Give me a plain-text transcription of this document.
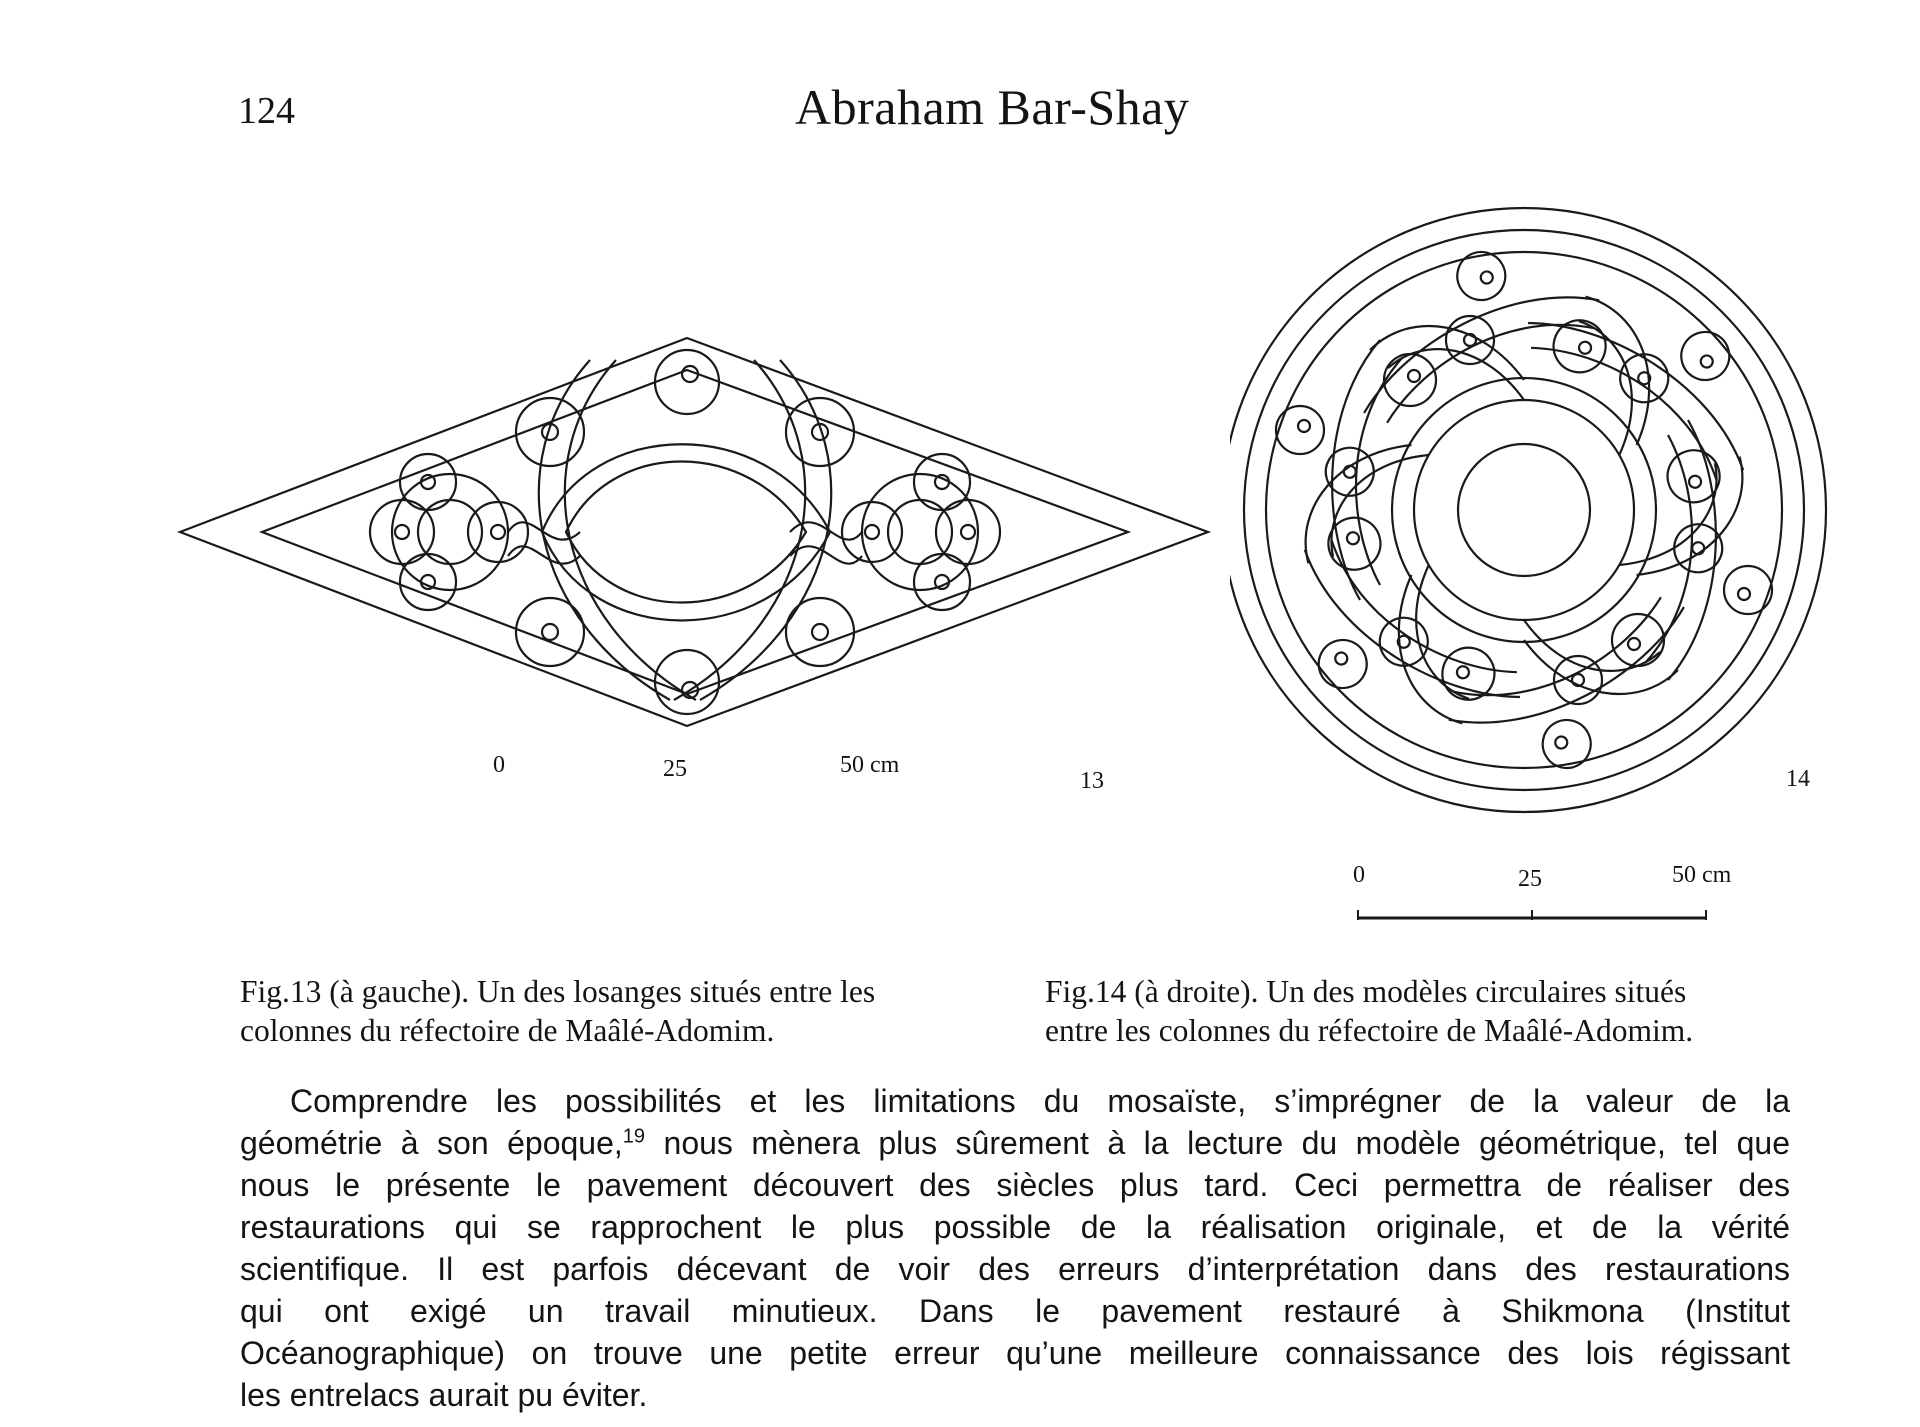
124	Abraham Bar-Shay
0	25	50 cm
13
0	25	50 cm
14
Fig.13 (à gauche). Un des losanges situés entre les
colonnes du réfectoire de Maâlé-Adomim.
Fig.14 (à droite). Un des modèles circulaires situés
entre les colonnes du réfectoire de Maâlé-Adomim.
Comprendre les possibilités et les limitations du mosaïste, s’imprégner de la valeur de la
géométrie à son époque,$^{19}$ nous mènera plus sûrement à la lecture du modèle géométrique, tel que
nous le présente le pavement découvert des siècles plus tard. Ceci permettra de réaliser des
restaurations qui se rapprochent le plus possible de la réalisation originale, et de la vérité
scientifique. Il est parfois décevant de voir des erreurs d’interprétation dans des restaurations
qui ont exigé un travail minutieux. Dans le pavement restauré à Shikmona (Institut
Océanographique) on trouve une petite erreur qu’une meilleure connaissance des lois régissant
les entrelacs aurait pu éviter.
